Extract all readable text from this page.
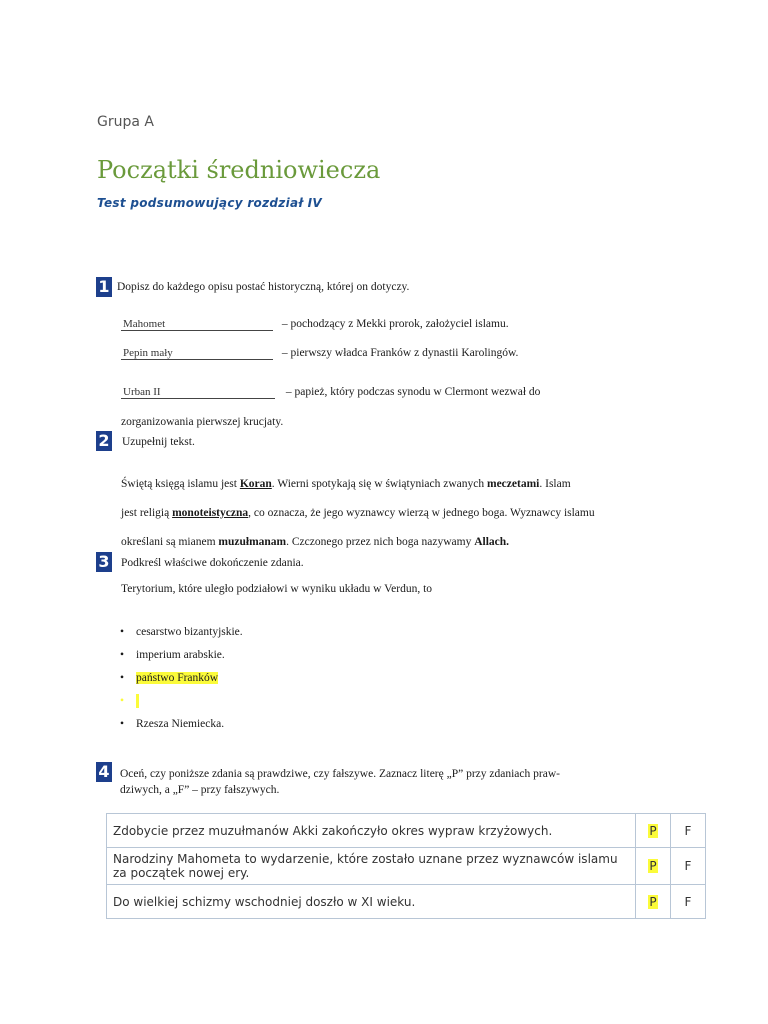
Grupa A
Początki średniowiecza
Test podsumowujący rozdział IV
1 Dopisz do każdego opisu postać historyczną, której on dotyczy.
Mahomet	– pochodzący z Mekki prorok, założyciel islamu.
Pepin mały	– pierwszy władca Franków z dynastii Karolingów.
Urban II	– papież, który podczas synodu w Clermont wezwał do
zorganizowania pierwszej krucjaty.
2 Uzupełnij tekst.
Świętą księgą islamu jest Koran. Wierni spotykają się w świątyniach zwanych meczetami. Islam
jest religią monoteistyczna, co oznacza, że jego wyznawcy wierzą w jednego boga. Wyznawcy islamu
określani są mianem muzułmanam. Czczonego przez nich boga nazywamy Allach.
3 Podkreśl właściwe dokończenie zdania.
Terytorium, które uległo podziałowi w wyniku układu w Verdun, to
•	cesarstwo bizantyjskie.
•	imperium arabskie.
•	państwo Franków
•
•	Rzesza Niemiecka.
4 Oceń, czy poniższe zdania są prawdziwe, czy fałszywe. Zaznacz literę „P” przy zdaniach praw-
dziwych, a „F” – przy fałszywych.
Zdobycie przez muzułmanów Akki zakończyło okres wypraw krzyżowych.	P	F
Narodziny Mahometa to wydarzenie, które zostało uznane przez wyznawców islamu za początek nowej ery.	P	F
Do wielkiej schizmy wschodniej doszło w XI wieku.	P	F
